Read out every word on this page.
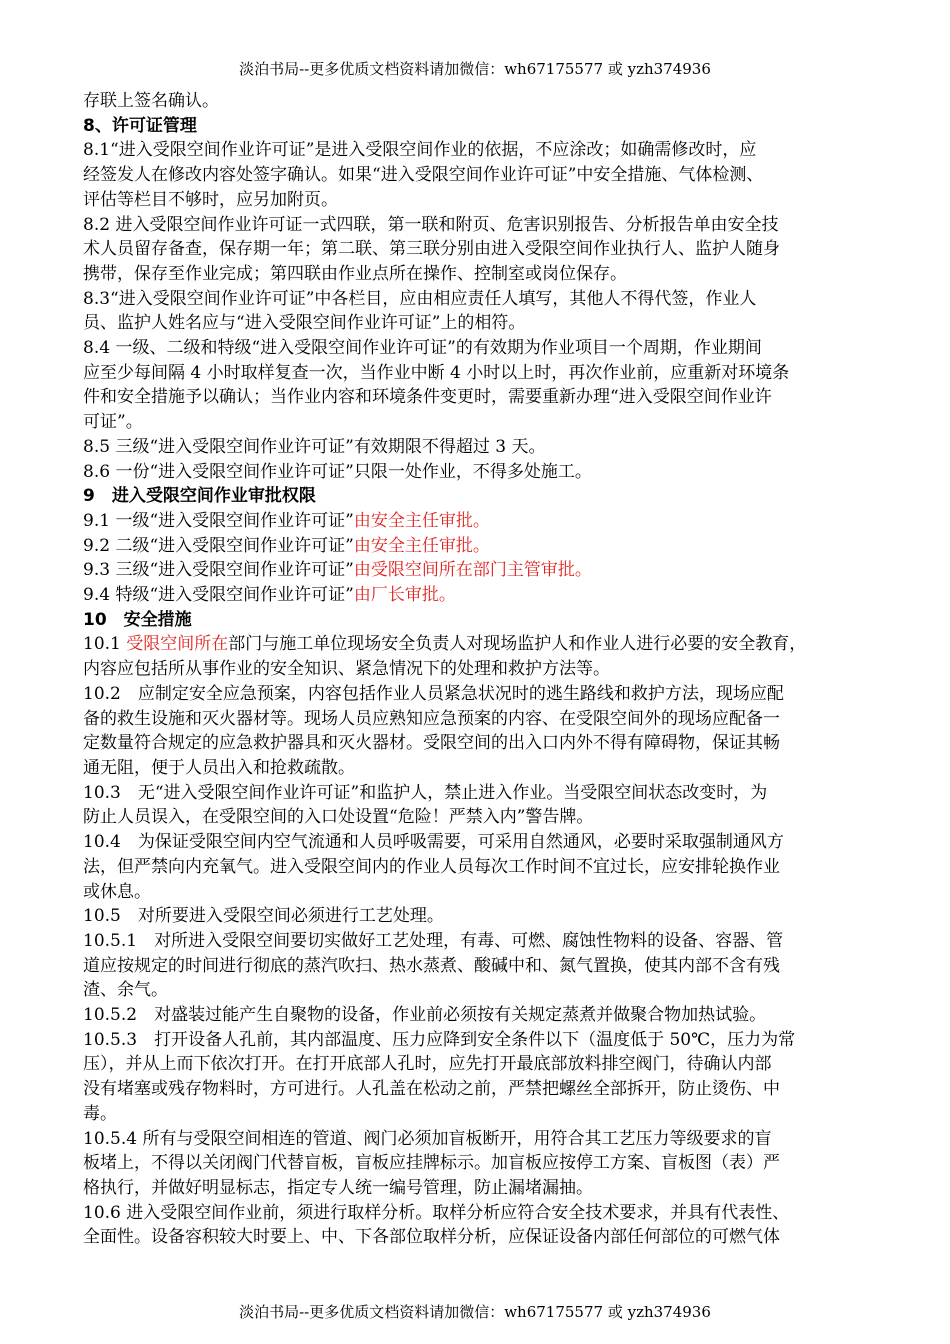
淡泊书局--更多优质文档资料请加微信：wh67175577 或 yzh374936
存联上签名确认。
8、许可证管理
8.1“进入受限空间作业许可证”是进入受限空间作业的依据，不应涂改；如确需修改时，应
经签发人在修改内容处签字确认。如果“进入受限空间作业许可证”中安全措施、气体检测、
评估等栏目不够时，应另加附页。
8.2 进入受限空间作业许可证一式四联，第一联和附页、危害识别报告、分析报告单由安全技
术人员留存备查，保存期一年；第二联、第三联分别由进入受限空间作业执行人、监护人随身
携带，保存至作业完成；第四联由作业点所在操作、控制室或岗位保存。
8.3“进入受限空间作业许可证”中各栏目，应由相应责任人填写，其他人不得代签，作业人
员、监护人姓名应与“进入受限空间作业许可证”上的相符。
8.4 一级、二级和特级“进入受限空间作业许可证”的有效期为作业项目一个周期，作业期间
应至少每间隔 4 小时取样复查一次，当作业中断 4 小时以上时，再次作业前，应重新对环境条
件和安全措施予以确认；当作业内容和环境条件变更时，需要重新办理“进入受限空间作业许
可证”。
8.5 三级“进入受限空间作业许可证”有效期限不得超过 3 天。
8.6 一份“进入受限空间作业许可证”只限一处作业，不得多处施工。
9　进入受限空间作业审批权限
9.1 一级“进入受限空间作业许可证”由安全主任审批。
9.2 二级“进入受限空间作业许可证”由安全主任审批。
9.3 三级“进入受限空间作业许可证”由受限空间所在部门主管审批。
9.4 特级“进入受限空间作业许可证”由厂长审批。
10　安全措施
10.1 受限空间所在部门与施工单位现场安全负责人对现场监护人和作业人进行必要的安全教育，
内容应包括所从事作业的安全知识、紧急情况下的处理和救护方法等。
10.2　应制定安全应急预案，内容包括作业人员紧急状况时的逃生路线和救护方法，现场应配
备的救生设施和灭火器材等。现场人员应熟知应急预案的内容、在受限空间外的现场应配备一
定数量符合规定的应急救护器具和灭火器材。受限空间的出入口内外不得有障碍物，保证其畅
通无阻，便于人员出入和抢救疏散。
10.3　无“进入受限空间作业许可证”和监护人，禁止进入作业。当受限空间状态改变时，为
防止人员误入，在受限空间的入口处设置“危险！严禁入内”警告牌。
10.4　为保证受限空间内空气流通和人员呼吸需要，可采用自然通风，必要时采取强制通风方
法，但严禁向内充氧气。进入受限空间内的作业人员每次工作时间不宜过长，应安排轮换作业
或休息。
10.5　对所要进入受限空间必须进行工艺处理。
10.5.1　对所进入受限空间要切实做好工艺处理，有毒、可燃、腐蚀性物料的设备、容器、管
道应按规定的时间进行彻底的蒸汽吹扫、热水蒸煮、酸碱中和、氮气置换，使其内部不含有残
渣、余气。
10.5.2　对盛装过能产生自聚物的设备，作业前必须按有关规定蒸煮并做聚合物加热试验。
10.5.3　打开设备人孔前，其内部温度、压力应降到安全条件以下（温度低于 50℃，压力为常
压），并从上而下依次打开。在打开底部人孔时，应先打开最底部放料排空阀门，待确认内部
没有堵塞或残存物料时，方可进行。人孔盖在松动之前，严禁把螺丝全部拆开，防止烫伤、中
毒。
10.5.4 所有与受限空间相连的管道、阀门必须加盲板断开，用符合其工艺压力等级要求的盲
板堵上，不得以关闭阀门代替盲板，盲板应挂牌标示。加盲板应按停工方案、盲板图（表）严
格执行，并做好明显标志，指定专人统一编号管理，防止漏堵漏抽。
10.6 进入受限空间作业前，须进行取样分析。取样分析应符合安全技术要求，并具有代表性、
全面性。设备容积较大时要上、中、下各部位取样分析，应保证设备内部任何部位的可燃气体
淡泊书局--更多优质文档资料请加微信：wh67175577 或 yzh374936
